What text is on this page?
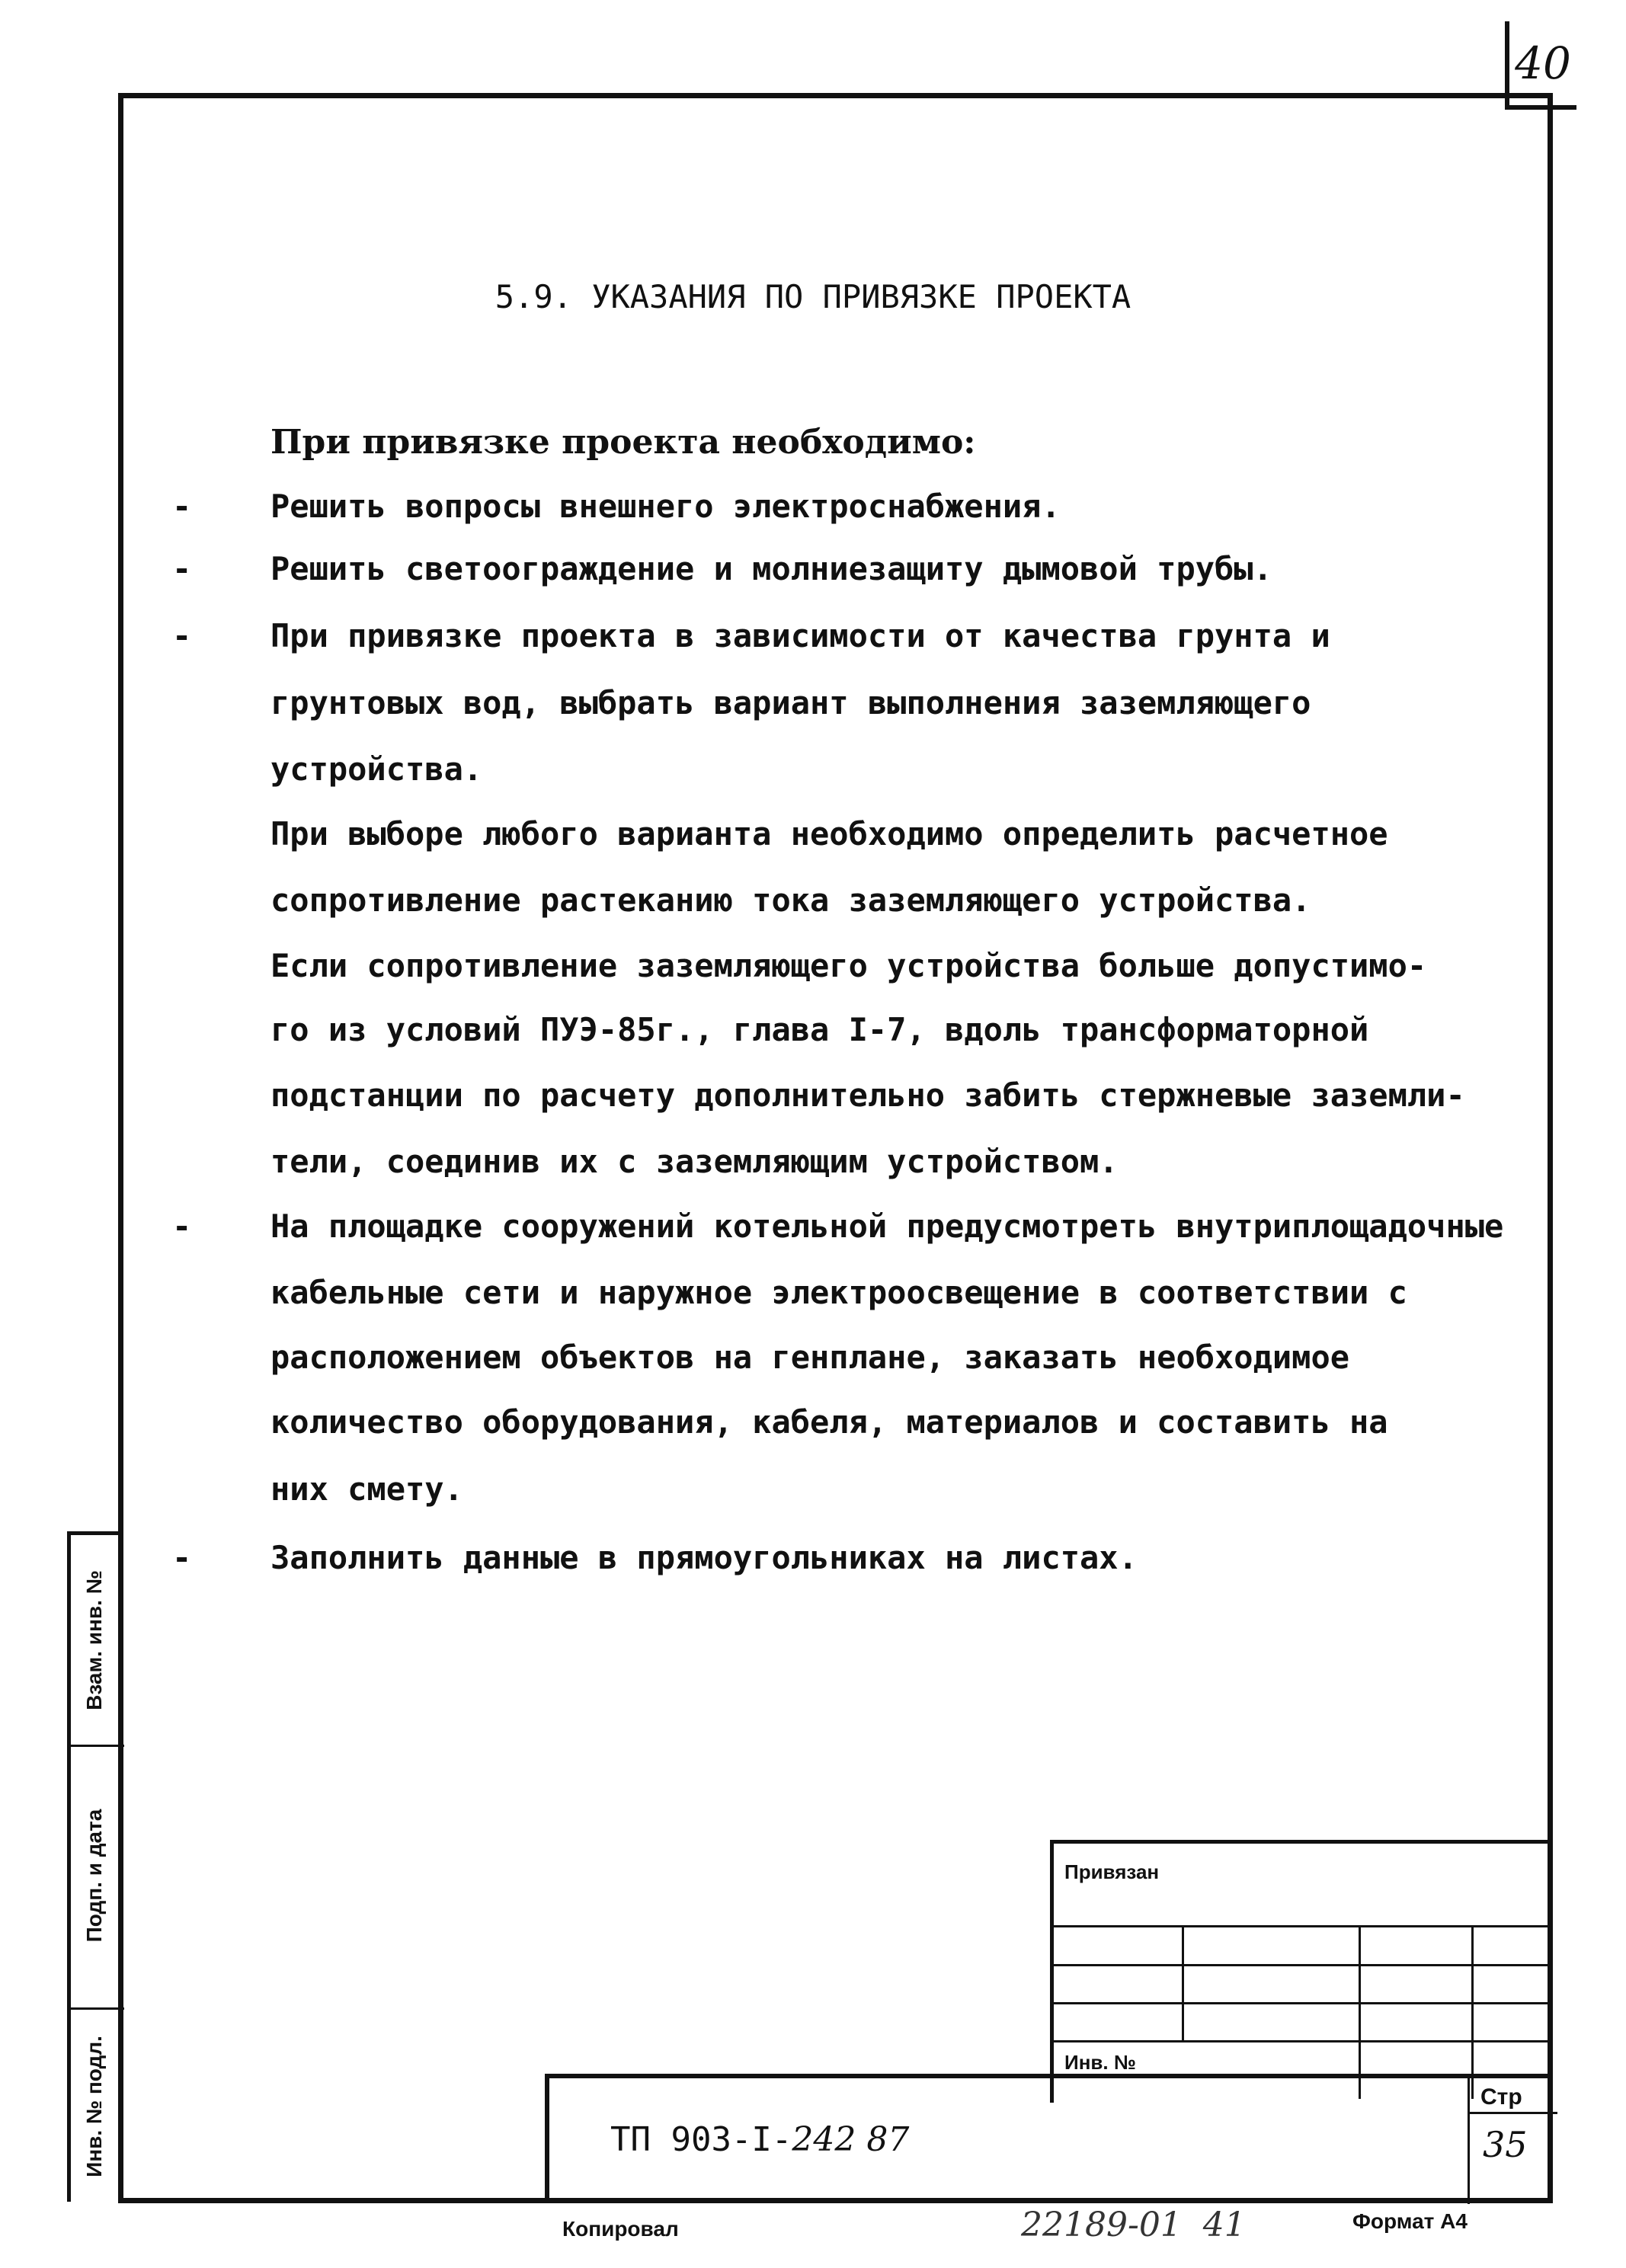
40
5.9. УКАЗАНИЯ ПО ПРИВЯЗКЕ ПРОЕКТА
При привязке проекта необходимо:
Решить вопросы внешнего электроснабжения.
-
Решить светоограждение и молниезащиту дымовой трубы.
-
При привязке проекта в зависимости от качества грунта и
-
грунтовых вод, выбрать вариант выполнения заземляющего
устройства.
При выборе любого варианта необходимо определить расчетное
сопротивление растеканию тока заземляющего устройства.
Если сопротивление заземляющего устройства больше допустимо-
го из условий ПУЭ-85г., глава I-7, вдоль трансформаторной
подстанции по расчету дополнительно забить стержневые заземли-
тели, соединив их с заземляющим устройством.
На площадке сооружений котельной предусмотреть внутриплощадочные
-
кабельные сети и наружное электроосвещение в соответствии с
расположением объектов на генплане, заказать необходимое
количество оборудования, кабеля, материалов и составить на
них смету.
Заполнить данные в прямоугольниках на листах.
-
Взам. инв. №
Подп. и дата
Инв. № подл.
Привязан
Инв. №
Стр
35
ТП 903-I-242 87
Копировал	22189-01  41	Формат А4
